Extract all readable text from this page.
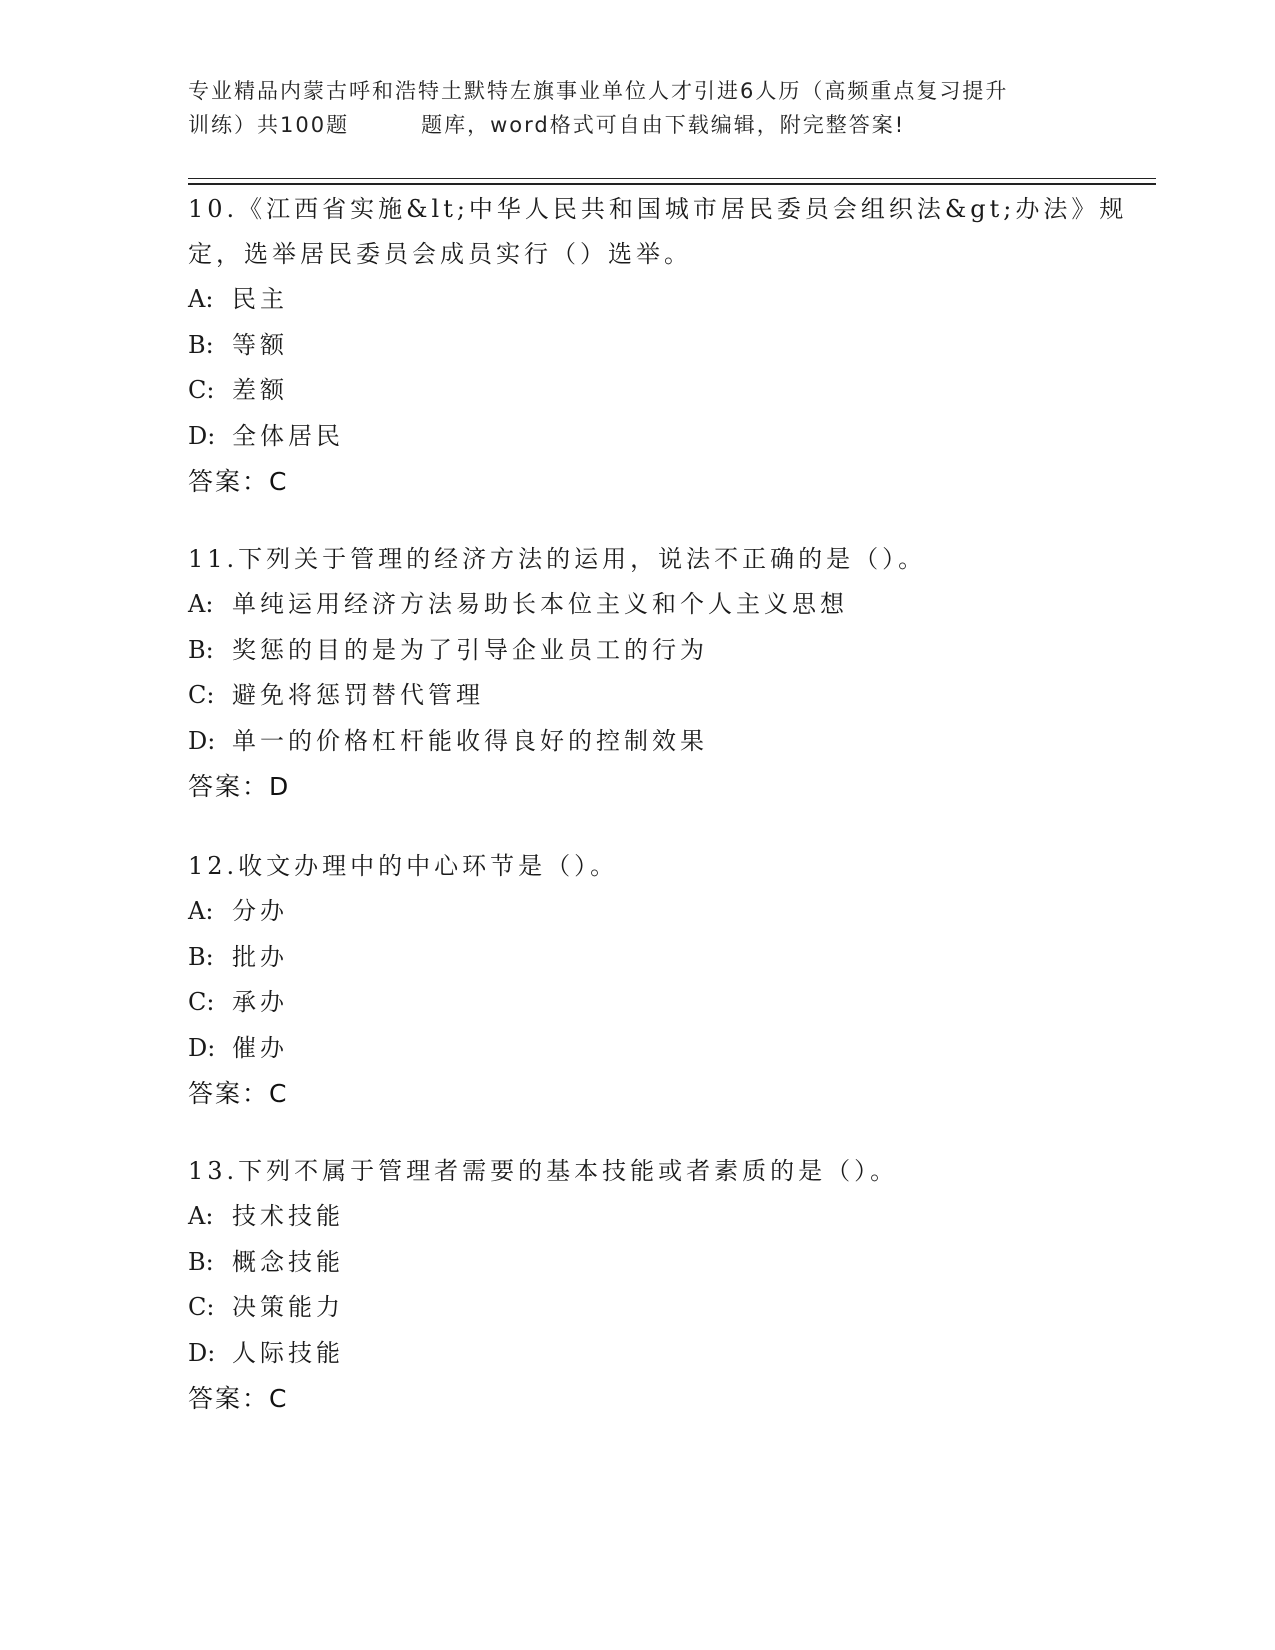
专业精品内蒙古呼和浩特土默特左旗事业单位人才引进6人历（高频重点复习提升
训练）共100题	题库，word格式可自由下载编辑，附完整答案!
10.《江西省实施&lt;中华人民共和国城市居民委员会组织法&gt;办法》规定，选举居民委员会成员实行（）选举。
A: 民主
B: 等额
C: 差额
D: 全体居民
答案：C
11.下列关于管理的经济方法的运用，说法不正确的是（）。
A: 单纯运用经济方法易助长本位主义和个人主义思想
B: 奖惩的目的是为了引导企业员工的行为
C: 避免将惩罚替代管理
D: 单一的价格杠杆能收得良好的控制效果
答案：D
12.收文办理中的中心环节是（）。
A: 分办
B: 批办
C: 承办
D: 催办
答案：C
13.下列不属于管理者需要的基本技能或者素质的是（）。
A: 技术技能
B: 概念技能
C: 决策能力
D: 人际技能
答案：C
